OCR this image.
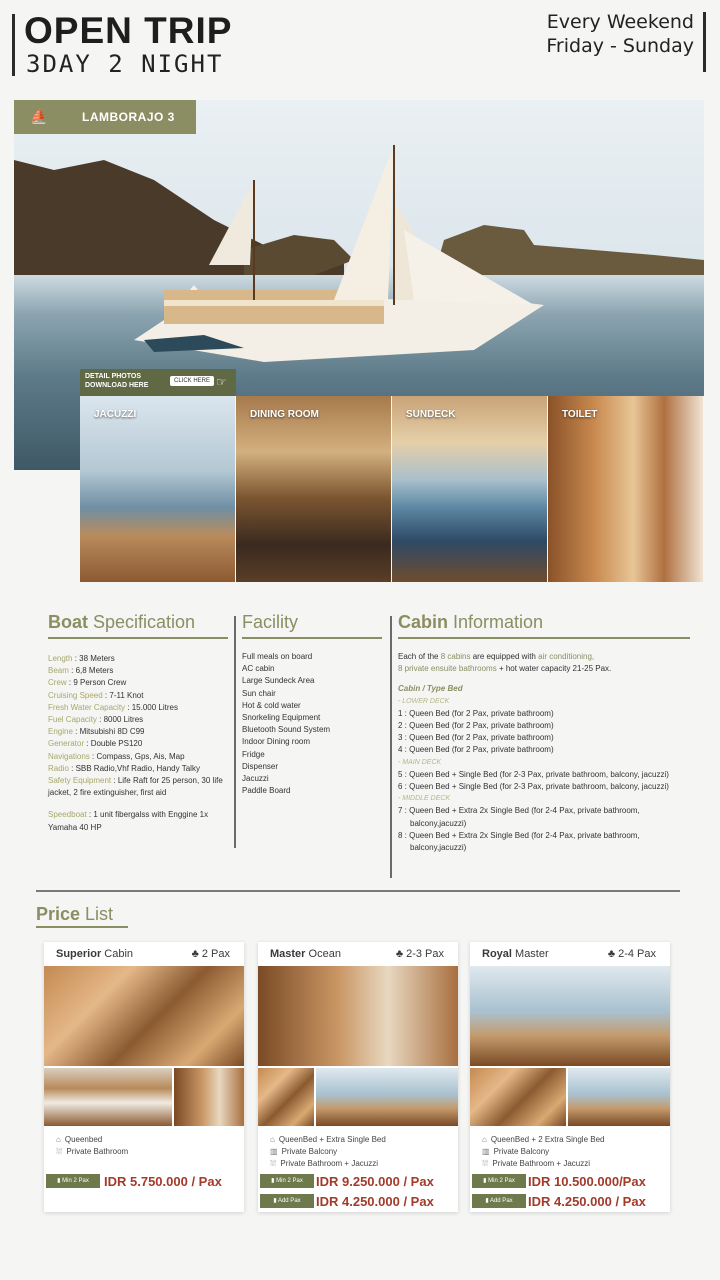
OPEN TRIP
3DAY 2 NIGHT
Every Weekend
Friday - Sunday
⛵	LAMBORAJO 3
DETAIL PHOTOS
DOWNLOAD HERE
CLICK HERE ☞
JACUZZI	DINING ROOM	SUNDECK	TOILET
Boat Specification
Length : 38 Meters
Beam : 6,8 Meters
Crew : 9 Person Crew
Cruising Speed : 7-11 Knot
Fresh Water Capacity : 15.000 Litres
Fuel Capacity : 8000 Litres
Engine : Mitsubishi 8D C99
Generator : Double PS120
Navigations : Compass, Gps, Ais, Map
Radio : SBB Radio,Vhf Radio, Handy Talky
Safety Equipment : Life Raft for 25 person, 30 life jacket, 2 fire extinguisher, first aid
Speedboat : 1 unit fibergalss with Enggine 1x Yamaha 40 HP
Facility
Full meals on board
AC cabin
Large Sundeck Area
Sun chair
Hot & cold water
Snorkeling Equipment
Bluetooth Sound System
Indoor Dining room
Fridge
Dispenser
Jacuzzi
Paddle Board
Cabin Information
Each of the 8 cabins are equipped with air conditioning,
8 private ensuite bathrooms + hot water capacity 21-25 Pax.
Cabin / Type Bed
- LOWER DECK
1 : Queen Bed (for 2 Pax, private bathroom)
2 : Queen Bed (for 2 Pax, private bathroom)
3 : Queen Bed (for 2 Pax, private bathroom)
4 : Queen Bed (for 2 Pax, private bathroom)
- MAIN DECK
5 : Queen Bed + Single Bed (for 2-3 Pax, private bathroom, balcony, jacuzzi)
6 : Queen Bed + Single Bed (for 2-3 Pax, private bathroom, balcony, jacuzzi)
- MIDDLE DECK
7 : Queen Bed + Extra 2x Single Bed (for 2-4 Pax, private bathroom, balcony,jacuzzi)
8 : Queen Bed + Extra 2x Single Bed (for 2-4 Pax, private bathroom, balcony,jacuzzi)
Price List
Superior Cabin	♣ 2 Pax
⌂ Queenbed
⛆ Private Bathroom
▮ Min 2 Pax	IDR 5.750.000 / Pax
Master Ocean	♣ 2-3 Pax
⌂ QueenBed + Extra Single Bed
▥ Private Balcony
⛆ Private Bathroom + Jacuzzi
▮ Min 2 Pax	IDR 9.250.000 / Pax
▮ Add Pax	IDR 4.250.000 / Pax
Royal Master	♣ 2-4 Pax
⌂ QueenBed + 2 Extra Single Bed
▥ Private Balcony
⛆ Private Bathroom + Jacuzzi
▮ Min 2 Pax	IDR 10.500.000/Pax
▮ Add Pax	IDR 4.250.000 / Pax
